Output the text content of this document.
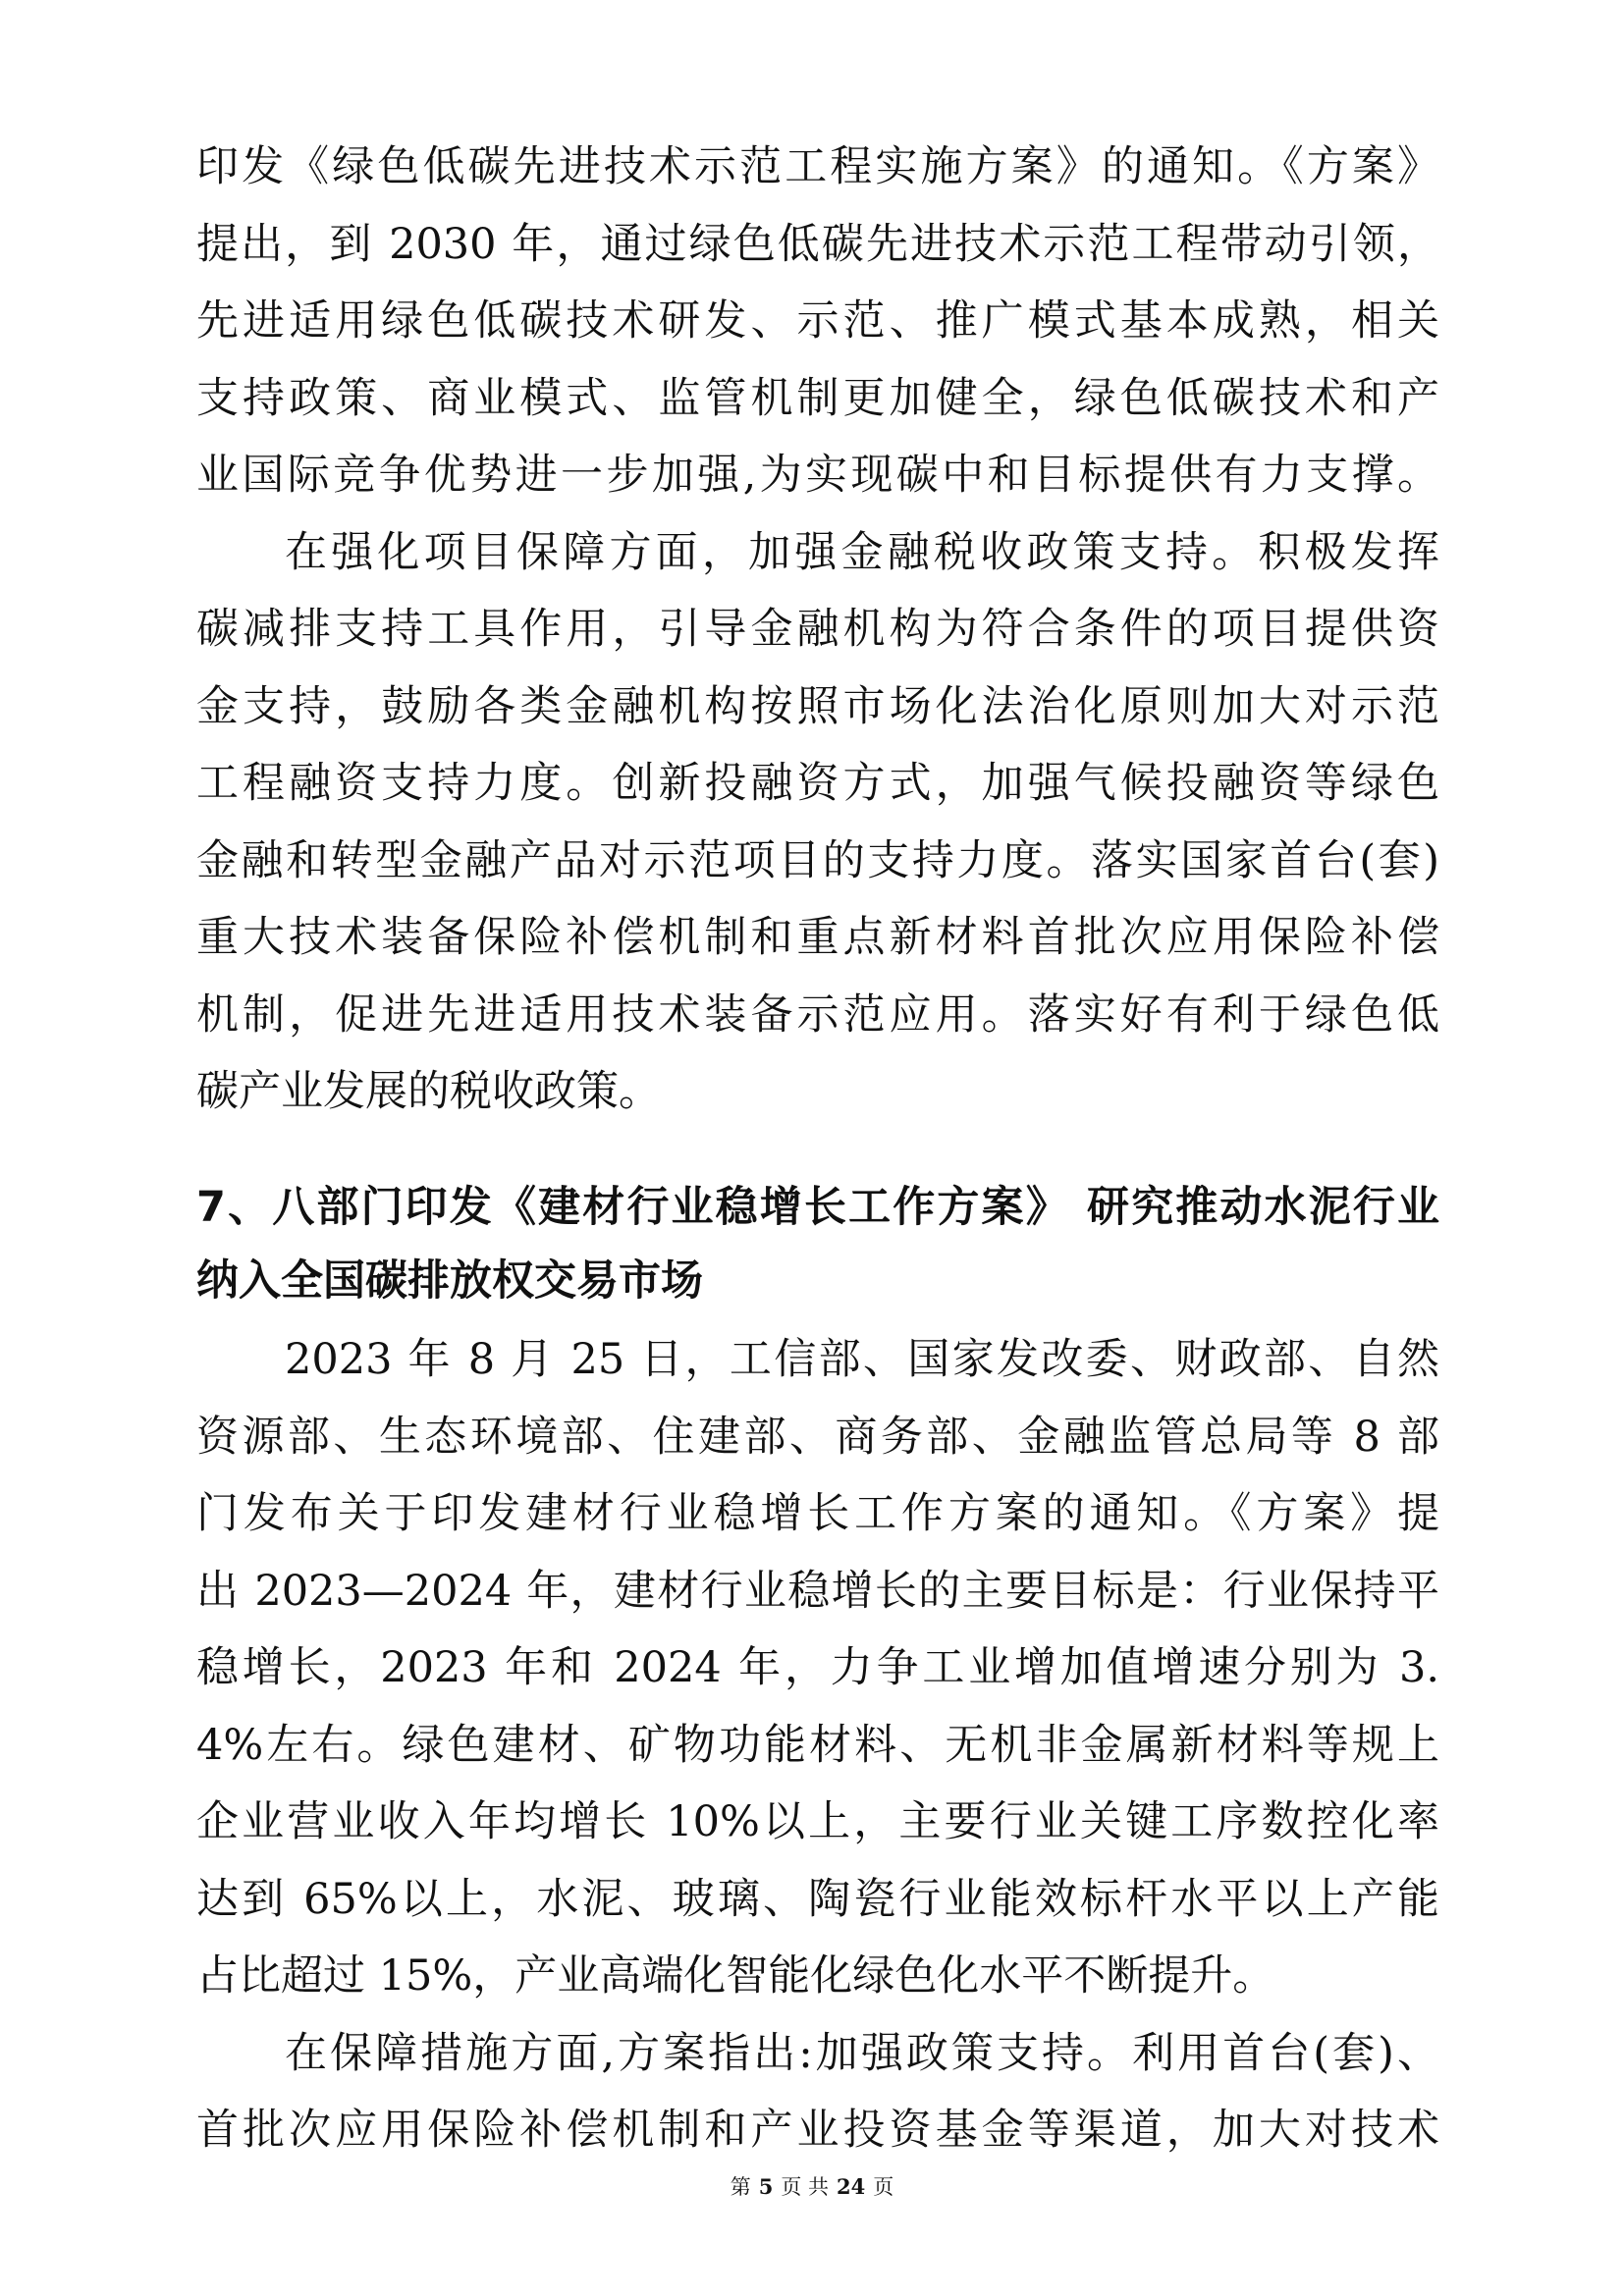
印发《绿色低碳先进技术示范工程实施方案》的通知。《方案》
提出，到 2030 年，通过绿色低碳先进技术示范工程带动引领，
先进适用绿色低碳技术研发、示范、推广模式基本成熟，相关
支持政策、商业模式、监管机制更加健全，绿色低碳技术和产
业国际竞争优势进一步加强,为实现碳中和目标提供有力支撑。
在强化项目保障方面，加强金融税收政策支持。积极发挥
碳减排支持工具作用，引导金融机构为符合条件的项目提供资
金支持，鼓励各类金融机构按照市场化法治化原则加大对示范
工程融资支持力度。创新投融资方式，加强气候投融资等绿色
金融和转型金融产品对示范项目的支持力度。落实国家首台(套)
重大技术装备保险补偿机制和重点新材料首批次应用保险补偿
机制，促进先进适用技术装备示范应用。落实好有利于绿色低
碳产业发展的税收政策。
7、八部门印发《建材行业稳增长工作方案》 研究推动水泥行业
纳入全国碳排放权交易市场
2023 年 8 月 25 日，工信部、国家发改委、财政部、自然
资源部、生态环境部、住建部、商务部、金融监管总局等 8 部
门发布关于印发建材行业稳增长工作方案的通知。《方案》提
出 2023—2024 年，建材行业稳增长的主要目标是：行业保持平
稳增长，2023 年和 2024 年，力争工业增加值增速分别为 3.
4%左右。绿色建材、矿物功能材料、无机非金属新材料等规上
企业营业收入年均增长 10%以上，主要行业关键工序数控化率
达到 65%以上，水泥、玻璃、陶瓷行业能效标杆水平以上产能
占比超过 15%，产业高端化智能化绿色化水平不断提升。
在保障措施方面,方案指出:加强政策支持。利用首台(套)、
首批次应用保险补偿机制和产业投资基金等渠道，加大对技术
第 5 页 共 24 页
